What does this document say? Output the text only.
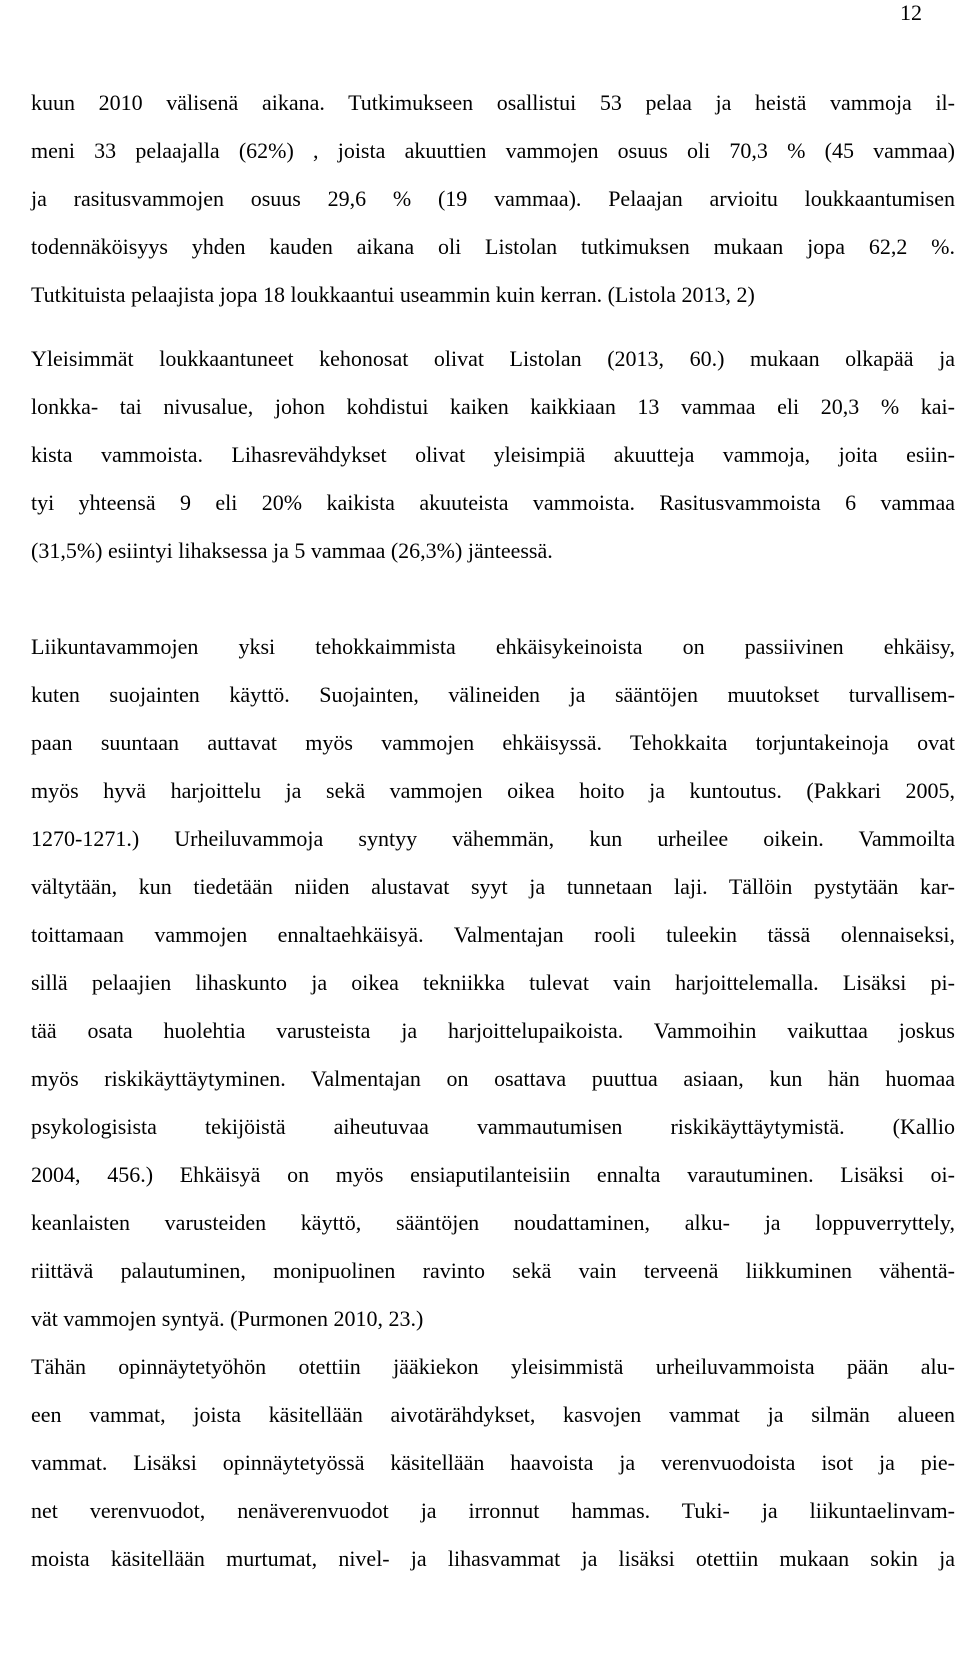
12
kuun 2010 välisenä aikana. Tutkimukseen osallistui 53 pelaa ja heistä vammoja il-
meni 33 pelaajalla (62%) , joista akuuttien vammojen osuus oli 70,3 % (45 vammaa)
ja rasitusvammojen osuus 29,6 % (19 vammaa). Pelaajan arvioitu loukkaantumisen
todennäköisyys yhden kauden aikana oli Listolan tutkimuksen mukaan jopa 62,2 %.
Tutkituista pelaajista jopa 18 loukkaantui useammin kuin kerran. (Listola 2013, 2)
Yleisimmät loukkaantuneet kehonosat olivat Listolan (2013, 60.) mukaan olkapää ja
lonkka- tai nivusalue, johon kohdistui kaiken kaikkiaan 13 vammaa eli 20,3 % kai-
kista vammoista. Lihasrevähdykset olivat yleisimpiä akuutteja vammoja, joita esiin-
tyi yhteensä 9 eli 20% kaikista akuuteista vammoista. Rasitusvammoista 6 vammaa
(31,5%) esiintyi lihaksessa ja 5 vammaa (26,3%) jänteessä.
Liikuntavammojen yksi tehokkaimmista ehkäisykeinoista on passiivinen ehkäisy,
kuten suojainten käyttö. Suojainten, välineiden ja sääntöjen muutokset turvallisem-
paan suuntaan auttavat myös vammojen ehkäisyssä. Tehokkaita torjuntakeinoja ovat
myös hyvä harjoittelu ja sekä vammojen oikea hoito ja kuntoutus. (Pakkari 2005,
1270-1271.) Urheiluvammoja syntyy vähemmän, kun urheilee oikein. Vammoilta
vältytään, kun tiedetään niiden alustavat syyt ja tunnetaan laji. Tällöin pystytään kar-
toittamaan vammojen ennaltaehkäisyä. Valmentajan rooli tuleekin tässä olennaiseksi,
sillä pelaajien lihaskunto ja oikea tekniikka tulevat vain harjoittelemalla. Lisäksi pi-
tää osata huolehtia varusteista ja harjoittelupaikoista. Vammoihin vaikuttaa joskus
myös riskikäyttäytyminen. Valmentajan on osattava puuttua asiaan, kun hän huomaa
psykologisista tekijöistä aiheutuvaa vammautumisen riskikäyttäytymistä. (Kallio
2004, 456.) Ehkäisyä on myös ensiaputilanteisiin ennalta varautuminen. Lisäksi oi-
keanlaisten varusteiden käyttö, sääntöjen noudattaminen, alku- ja loppuverryttely,
riittävä palautuminen, monipuolinen ravinto sekä vain terveenä liikkuminen vähentä-
vät vammojen syntyä. (Purmonen 2010, 23.)
Tähän opinnäytetyöhön otettiin jääkiekon yleisimmistä urheiluvammoista pään alu-
een vammat, joista käsitellään aivotärähdykset, kasvojen vammat ja silmän alueen
vammat. Lisäksi opinnäytetyössä käsitellään haavoista ja verenvuodoista isot ja pie-
net verenvuodot, nenäverenvuodot ja irronnut hammas. Tuki- ja liikuntaelinvam-
moista käsitellään murtumat, nivel- ja lihasvammat ja lisäksi otettiin mukaan sokin ja
